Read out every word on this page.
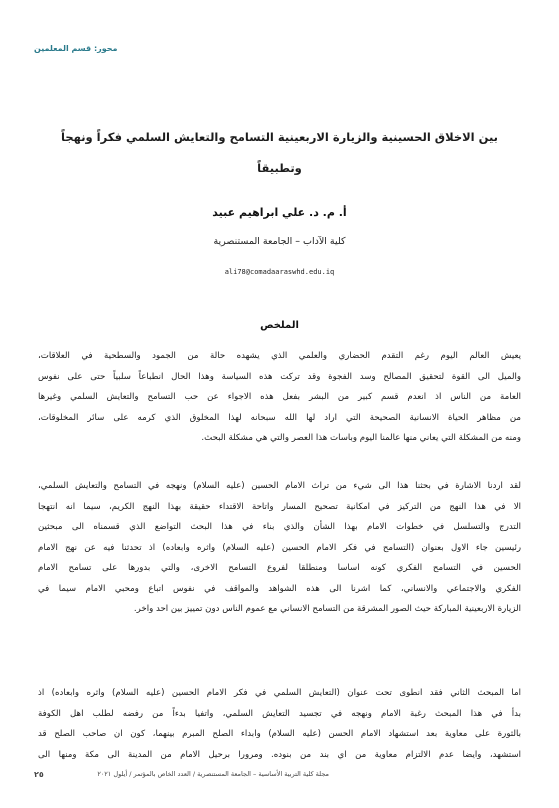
محور: قسم المعلمين
بين الاخلاق الحسينية والزيارة الاربعينية التسامح والتعايش السلمي فكراً ونهجاً
وتطبيقاً
أ. م. د. علي ابراهيم عبيد
كلية الآداب – الجامعة المستنصرية
ali78@comadaaraswhd.edu.iq
الملخص
يعيش العالم اليوم رغم التقدم الحضاري والعلمي الذي يشهده حالة من الجمود والسطحية في العلاقات،
والميل الى القوة لتحقيق المصالح وسد الفجوة وقد تركت هذه السياسة وهذا الحال انطباعاً سلبياً حتى على نفوس
العامة من الناس اذ انعدم قسم كبير من البشر بفعل هذه الاجواء عن حب التسامح والتعايش السلمي وغيرها
من مظاهر الحياة الانسانية الصحيحة التي اراد لها الله سبحانه لهذا المخلوق الذي كرمه على سائر المخلوقات،
ومنه من المشكلة التي يعاني منها عالمنا اليوم وباسات هذا العصر والتي هي مشكلة البحث.
لقد اردنا الاشارة في بحثنا هذا الى شيء من تراث الامام الحسين (عليه السلام) ونهجه في التسامح والتعايش السلمي،
الا في هذا النهج من التركيز في امكانية تصحيح المسار واتاحة الاقتداء حقيقة بهذا النهج الكريم، سيما انه انتهجا
التدرج والتسلسل في خطوات الامام بهذا الشأن والذي بناء في هذا البحث التواضع الذي قسمناه الى مبحثين
رئيسين جاء الاول بعنوان (التسامح في فكر الامام الحسين (عليه السلام) واثره وابعاده) اذ تحدثنا فيه عن نهج الامام
الحسين في التسامح الفكري كونه اساسا ومنطلقا لفروع التسامح الاخرى، والتي بدورها على تسامح الامام
الفكري والاجتماعي والانساني، كما اشرنا الى هذه الشواهد والمواقف في نفوس اتباع ومحبي الامام سيما في
الزيارة الاربعينية المباركة حيث الصور المشرقة من التسامح الانساني مع عموم الناس دون تمييز بين احد واخر.
اما المبحث الثاني فقد انطوى تحت عنوان (التعايش السلمي في فكر الامام الحسين (عليه السلام) واثره وابعاده) اذ
بدأ في هذا المبحث رغبة الامام ونهجه في تجسيد التعايش السلمي، واتفيا بدءاً من رفضه لطلب اهل الكوفة
بالثورة على معاوية بعد استشهاد الامام الحسن (عليه السلام) وابداء الصلح المبرم بينهما، كون ان صاحب الصلح قد
استشهد، وايضا عدم الالتزام معاوية من اي بند من بنوده. ومرورا برحيل الامام من المدينة الى مكة ومنها الى
مجلة كلية التربية الأساسية – الجامعة المستنصرية / العدد الخاص بالمؤتمر / أيلول ٢٠٢١
٢٥
